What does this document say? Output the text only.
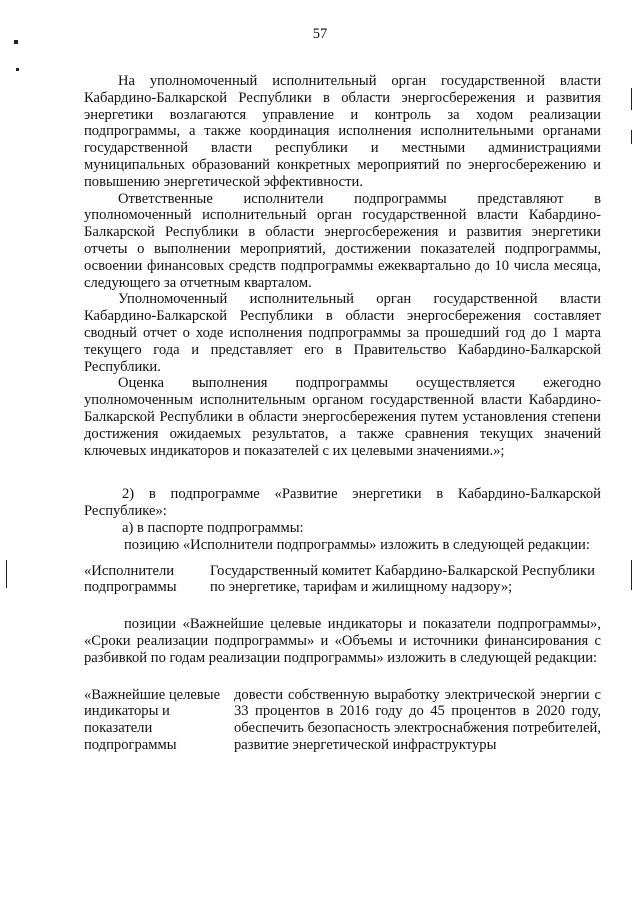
57

На уполномоченный исполнительный орган государственной власти Кабардино-Балкарской Республики в области энергосбережения и развития энергетики возлагаются управление и контроль за ходом реализации подпрограммы, а также координация исполнения исполнительными органами государственной власти республики и местными администрациями муниципальных образований конкретных мероприятий по энергосбережению и повышению энергетической эффективности.

Ответственные исполнители подпрограммы представляют в уполномоченный исполнительный орган государственной власти Кабардино-Балкарской Республики в области энергосбережения и развития энергетики отчеты о выполнении мероприятий, достижении показателей подпрограммы, освоении финансовых средств подпрограммы ежеквартально до 10 числа месяца, следующего за отчетным кварталом.

Уполномоченный исполнительный орган государственной власти Кабардино-Балкарской Республики в области энергосбережения составляет сводный отчет о ходе исполнения подпрограммы за прошедший год до 1 марта текущего года и представляет его в Правительство Кабардино-Балкарской Республики.

Оценка выполнения подпрограммы осуществляется ежегодно уполномоченным исполнительным органом государственной власти Кабардино-Балкарской Республики в области энергосбережения путем установления степени достижения ожидаемых результатов, а также сравнения текущих значений ключевых индикаторов и показателей с их целевыми значениями.»;

2) в подпрограмме «Развитие энергетики в Кабардино-Балкарской Республике»:

а) в паспорте подпрограммы:

позицию «Исполнители подпрограммы» изложить в следующей редакции:

«Исполнители подпрограммы
Государственный комитет Кабардино-Балкарской Республики по энергетике, тарифам и жилищному надзору»;

позиции «Важнейшие целевые индикаторы и показатели подпрограммы», «Сроки реализации подпрограммы» и «Объемы и источники финансирования с разбивкой по годам реализации подпрограммы» изложить в следующей редакции:

«Важнейшие целевые индикаторы и показатели подпрограммы
довести собственную выработку электрической энергии с 33 процентов в 2016 году до 45 процентов в 2020 году, обеспечить безопасность электроснабжения потребителей, развитие энергетической инфраструктуры
